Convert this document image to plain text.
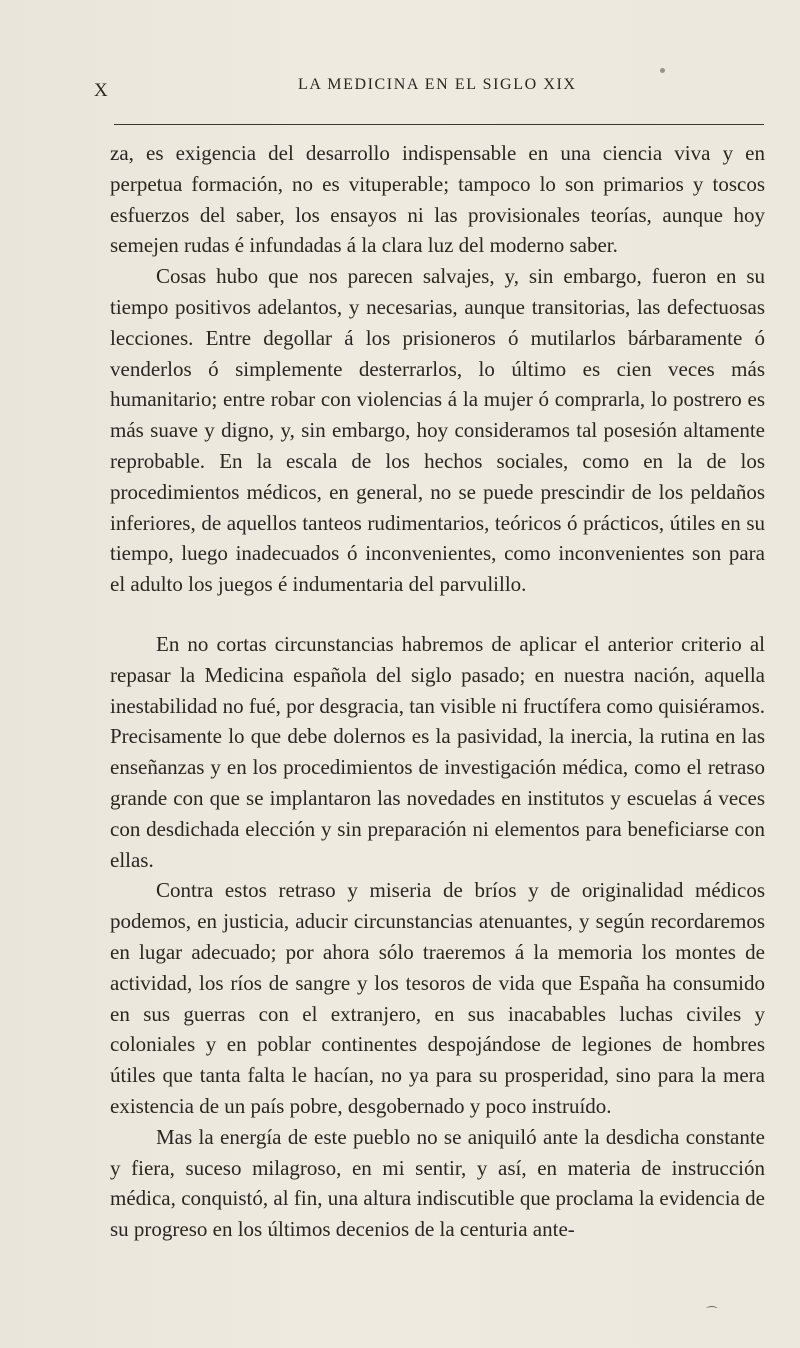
X	LA MEDICINA EN EL SIGLO XIX

za, es exigencia del desarrollo indispensable en una ciencia viva y en perpetua formación, no es vituperable; tampoco lo son primarios y toscos esfuerzos del saber, los ensayos ni las provisionales teorías, aunque hoy semejen rudas é infundadas á la clara luz del moderno saber.

Cosas hubo que nos parecen salvajes, y, sin embargo, fueron en su tiempo positivos adelantos, y necesarias, aunque transitorias, las defectuosas lecciones. Entre degollar á los prisioneros ó mutilarlos bárbaramente ó venderlos ó simplemente desterrarlos, lo último es cien veces más humanitario; entre robar con violencias á la mujer ó comprarla, lo postrero es más suave y digno, y, sin embargo, hoy consideramos tal posesión altamente reprobable. En la escala de los hechos sociales, como en la de los procedimientos médicos, en general, no se puede prescindir de los peldaños inferiores, de aquellos tanteos rudimentarios, teóricos ó prácticos, útiles en su tiempo, luego inadecuados ó inconvenientes, como inconvenientes son para el adulto los juegos é indumentaria del parvulillo.

En no cortas circunstancias habremos de aplicar el anterior criterio al repasar la Medicina española del siglo pasado; en nuestra nación, aquella inestabilidad no fué, por desgracia, tan visible ni fructífera como quisiéramos. Precisamente lo que debe dolernos es la pasividad, la inercia, la rutina en las enseñanzas y en los procedimientos de investigación médica, como el retraso grande con que se implantaron las novedades en institutos y escuelas á veces con desdichada elección y sin preparación ni elementos para beneficiarse con ellas.

Contra estos retraso y miseria de bríos y de originalidad médicos podemos, en justicia, aducir circunstancias atenuantes, y según recordaremos en lugar adecuado; por ahora sólo traeremos á la memoria los montes de actividad, los ríos de sangre y los tesoros de vida que España ha consumido en sus guerras con el extranjero, en sus inacabables luchas civiles y coloniales y en poblar continentes despojándose de legiones de hombres útiles que tanta falta le hacían, no ya para su prosperidad, sino para la mera existencia de un país pobre, desgobernado y poco instruído.

Mas la energía de este pueblo no se aniquiló ante la desdicha constante y fiera, suceso milagroso, en mi sentir, y así, en materia de instrucción médica, conquistó, al fin, una altura indiscutible que proclama la evidencia de su progreso en los últimos decenios de la centuria ante-

⁀
